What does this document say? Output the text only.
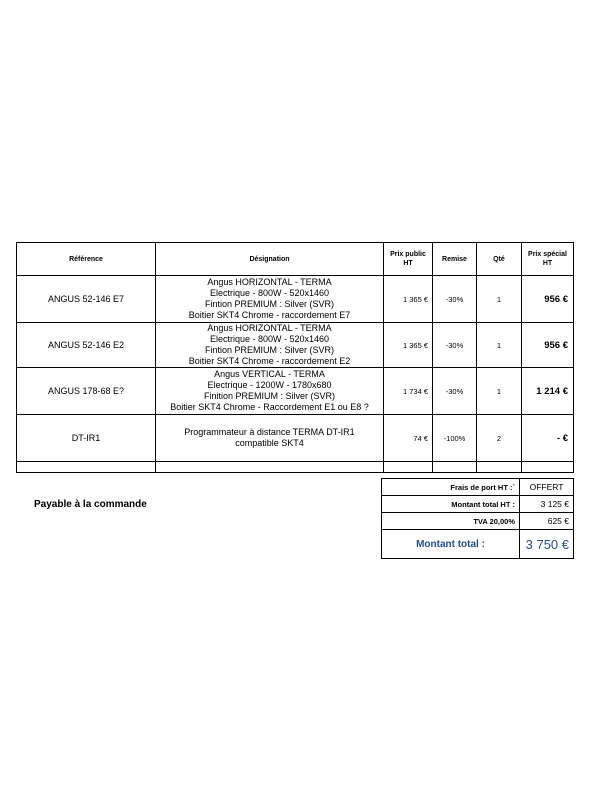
Référence	Désignation	Prix public HT	Remise	Qté	Prix spécial HT
ANGUS 52-146 E7	Angus HORIZONTAL - TERMA
Electrique - 800W - 520x1460
Fintion PREMIUM : Silver (SVR)
Boitier SKT4 Chrome - raccordement E7	1 365 €	-30%	1	956 €
ANGUS 52-146 E2	Angus HORIZONTAL - TERMA
Electrique - 800W - 520x1460
Fintion PREMIUM : Silver (SVR)
Boitier SKT4 Chrome - raccordement E2	1 365 €	-30%	1	956 €
ANGUS 178-68 E?	Angus VERTICAL - TERMA
Electrique - 1200W - 1780x680
Finition PREMIUM : Silver (SVR)
Boitier SKT4 Chrome - Raccordement E1 ou E8 ?	1 734 €	-30%	1	1 214 €
DT-IR1	Programmateur à distance TERMA DT-IR1
compatible SKT4	74 €	-100%	2	- €

Payable à la commande
Frais de port HT :`	OFFERT
Montant total HT :	3 125 €
TVA 20,00%	625 €
Montant total :	3 750 €
